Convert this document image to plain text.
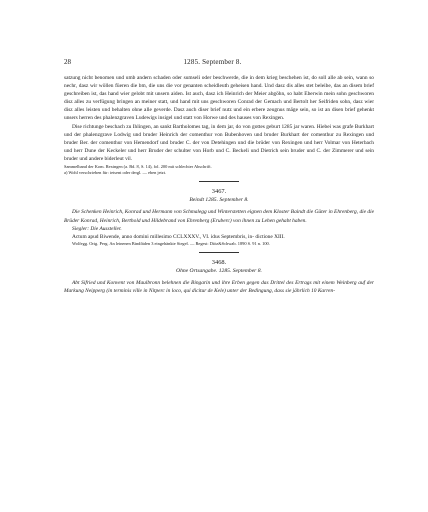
28	1285. September 8.

satzung nicht benomen und umb andern schaden oder sumseli oder beschwerde, die in dem krieg beschehen ist, do soll alle ab sein, wann so nechr, dasz wir wöllen füeren die bm, die uns die vor genanten scheidleuth geheisen hand. Und dasz dis alles stet beleibe, das an disem brief geschreiben ist, das hand wier gelobt mit unsern aiden. Ist auch, dasz ich Heinrich der Meier abgöhn, so habt Eberwin mein sohn geschworen disz alles zu verfügung bringen an meiner statt, und hand mit uns geschworen Conrad der Gemach und Bertolt her Seifriden sohn, dasz wier disz alles leisten und behalten ohne alle geverde. Dasz auch diser brief nutz und ein erbere zeugnus mäge sein, so ist an disen brief gehenkt unsers herren des phalenzgraven Ludewigs insigel und statt von Horwe und des hauses von Rexingen.

Dise richtunge beschach zu Ihlingen, an sankt Bartholomes tag, in dem jar, do von gottes geburt 1285 jar waren. Hiebei was grafe Burkhart und der phalenzgrave Lodwig und bruder Heinrich der comenthur von Bubenhoven und bruder Burkhart der comenthur zu Rexingen und bruder Ber. der comenthur von Hemendorf und bruder C. der von Detehingen und die brüder von Rexingen und herr Volmar von Heterbach und herr Dune der Keckeler und herr Bruder der schulter von Horb und C. Beckeli und Dietrich sein bruder und C. der Zimmerer und sein bruder und andere biderleut vil.

Sammelband der Kom. Rexingen (a. Bd. 8, S. 14), fol. 200 mit schlechter Abschrift.

a) Wohl verschrieben für: ietsent oder dergl. — eben jetzt.

3467.
Beindt 1285. September 8.

Die Schenken Heinrich, Konrad und Hermann von Schmalegg und Winterstetten eignen dem Kloster Baindt die Güter in Ehrenberg, die die Brüder Konrad, Heinrich, Berthold und Hildebrand von Ehrenberg (Eruberc) von ihnen zu Lehen gehabt haben.

Siegler: Die Aussteller.

Actum apud Biwende, anno domini millesimo CCLXXXV., VI. idus Septembris, in- dictione XIII.

Wolfegg. Orig. Perg. An leinenen Bindfäden 3 eingehänkte Siegel. — Regest: Diöz&Schwab. 1890 S. 91 n. 100.

3468.
Ohne Ortsangabe. 1285. September 8.

Abt Sifried und Konvent von Maulbronn belehnen die Bingarin und ihre Erben gegen das Drittel des Ertrags mit einem Weinberg auf der Markung Neipperg (in terminis ville in Nitperc in loco, qui dicitur de Kele) unter der Bedingung, dass sie jährlich 10 Karren-
